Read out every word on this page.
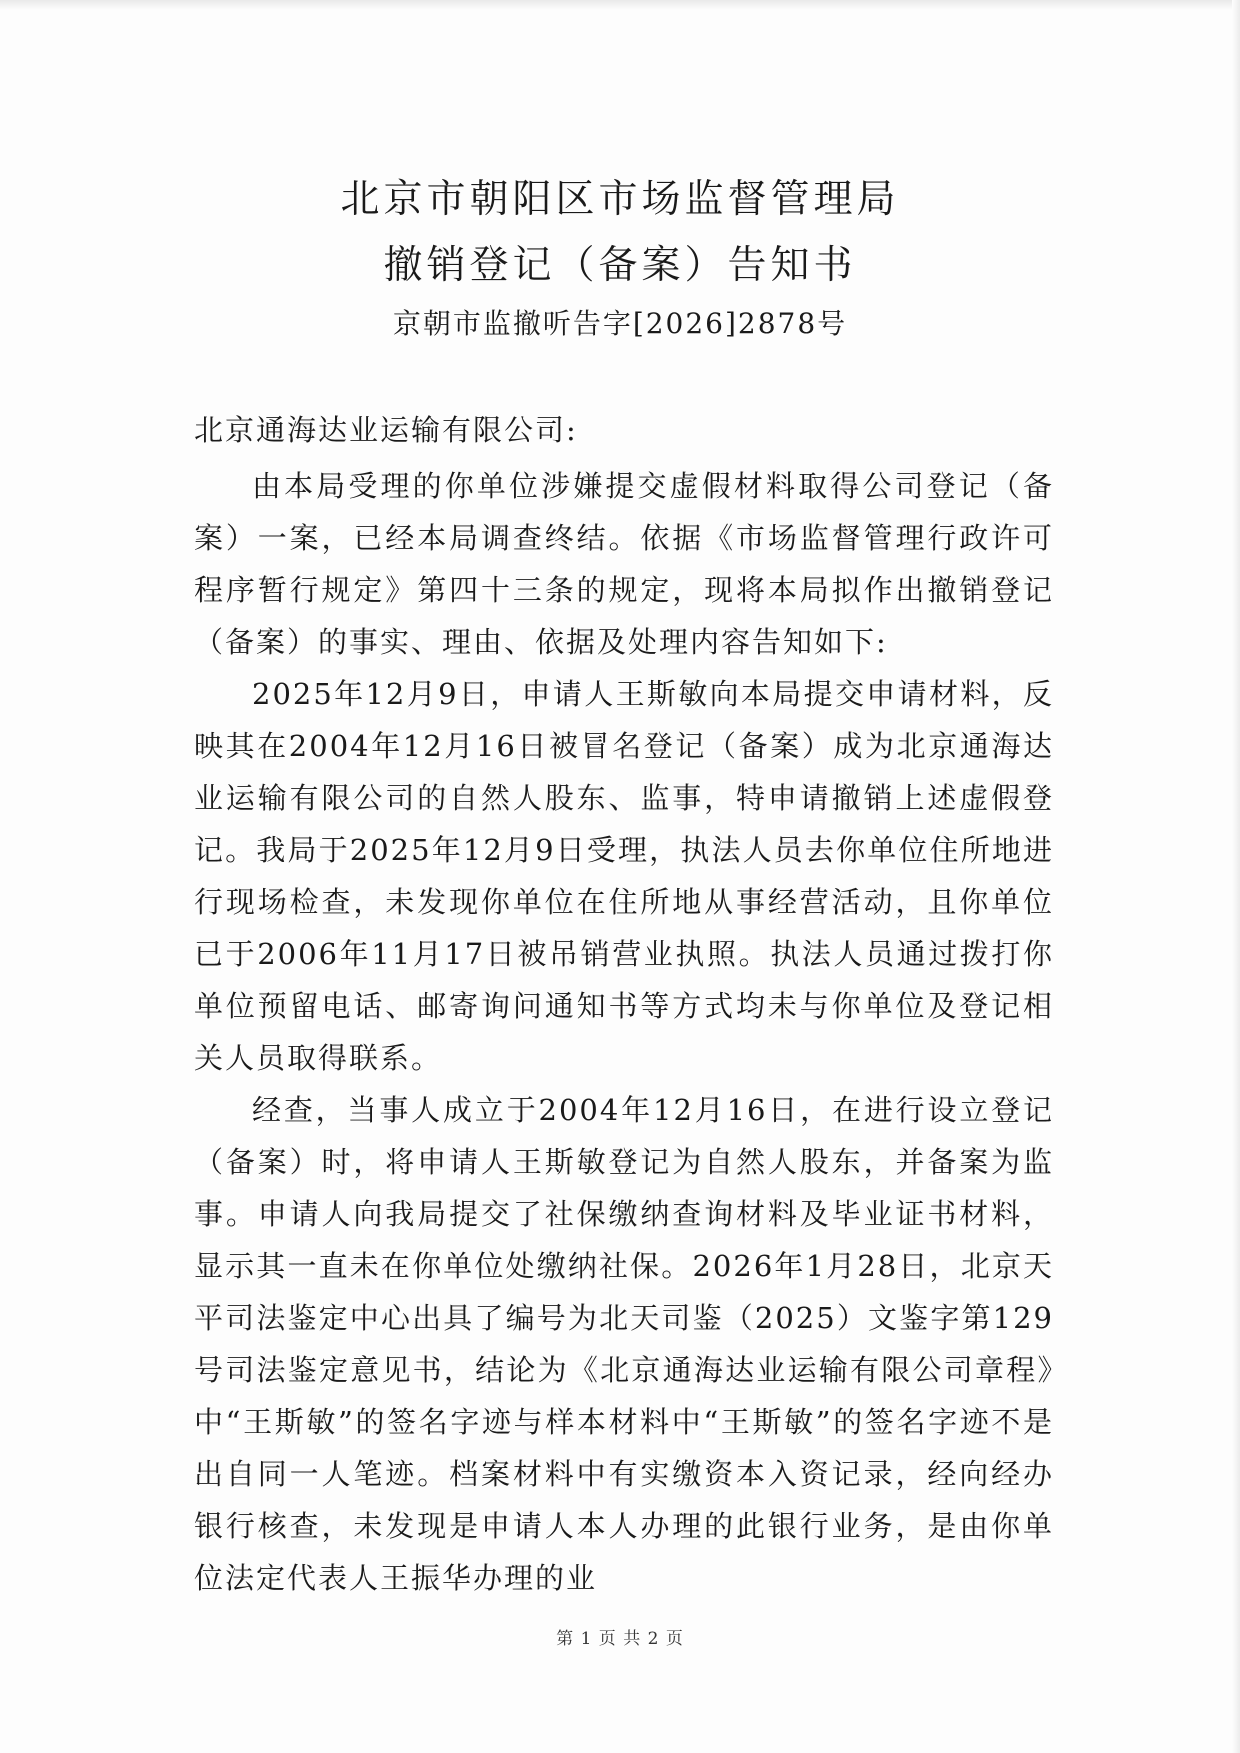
北京市朝阳区市场监督管理局
撤销登记（备案）告知书
京朝市监撤听告字[2026]2878号
北京通海达业运输有限公司:

由本局受理的你单位涉嫌提交虚假材料取得公司登记（备案）一案，已经本局调查终结。依据《市场监督管理行政许可程序暂行规定》第四十三条的规定，现将本局拟作出撤销登记（备案）的事实、理由、依据及处理内容告知如下:

2025年12月9日，申请人王斯敏向本局提交申请材料，反映其在2004年12月16日被冒名登记（备案）成为北京通海达业运输有限公司的自然人股东、监事，特申请撤销上述虚假登记。我局于2025年12月9日受理，执法人员去你单位住所地进行现场检查，未发现你单位在住所地从事经营活动，且你单位已于2006年11月17日被吊销营业执照。执法人员通过拨打你单位预留电话、邮寄询问通知书等方式均未与你单位及登记相关人员取得联系。

经查，当事人成立于2004年12月16日，在进行设立登记（备案）时，将申请人王斯敏登记为自然人股东，并备案为监事。申请人向我局提交了社保缴纳查询材料及毕业证书材料，显示其一直未在你单位处缴纳社保。2026年1月28日，北京天平司法鉴定中心出具了编号为北天司鉴（2025）文鉴字第129号司法鉴定意见书，结论为《北京通海达业运输有限公司章程》中“王斯敏”的签名字迹与样本材料中“王斯敏”的签名字迹不是出自同一人笔迹。档案材料中有实缴资本入资记录，经向经办银行核查，未发现是申请人本人办理的此银行业务，是由你单位法定代表人王振华办理的业

第 1 页 共 2 页
